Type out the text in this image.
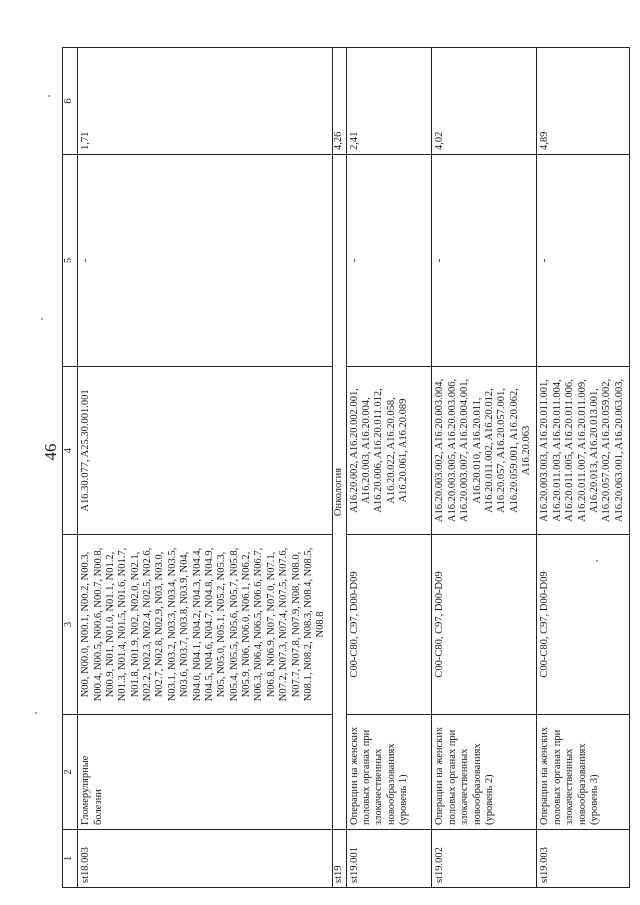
46
1	2	3	4	5	6
st18.003	Гломерулярные болезни	N00, N00.0, N00.1, N00.2, N00.3, N00.4, N00.5, N00.6, N00.7, N00.8, N00.9, N01, N01.0, N01.1, N01.2, N01.3, N01.4, N01.5, N01.6, N01.7, N01.8, N01.9, N02, N02.0, N02.1, N02.2, N02.3, N02.4, N02.5, N02.6, N02.7, N02.8, N02.9, N03, N03.0, N03.1, N03.2, N03.3, N03.4, N03.5, N03.6, N03.7, N03.8, N03.9, N04, N04.0, N04.1, N04.2, N04.3, N04.4, N04.5, N04.6, N04.7, N04.8, N04.9, N05, N05.0, N05.1, N05.2, N05.3, N05.4, N05.5, N05.6, N05.7, N05.8, N05.9, N06, N06.0, N06.1, N06.2, N06.3, N06.4, N06.5, N06.6, N06.7, N06.8, N06.9, N07, N07.0, N07.1, N07.2, N07.3, N07.4, N07.5, N07.6, N07.7, N07.8, N07.9, N08, N08.0, N08.1, N08.2, N08.3, N08.4, N08.5, N08.8	A16.30.077, A25.30.001.001	-	1,71
st19	Онкология				4,26
st19.001	Операции на женских половых органах при злокачественных новообразованиях (уровень 1)	C00-C80, C97, D00-D09	A16.20.002, A16.20.002.001, A16.20.003, A16.20.004, A16.20.006, A16.20.011.012, A16.20.022, A16.20.058, A16.20.061, A16.20.089	-	2,41
st19.002	Операции на женских половых органах при злокачественных новообразованиях (уровень 2)	C00-C80, C97, D00-D09	A16.20.003.002, A16.20.003.004, A16.20.003.005, A16.20.003.006, A16.20.003.007, A16.20.004.001, A16.20.010, A16.20.011, A16.20.011.002, A16.20.012, A16.20.057, A16.20.057.001, A16.20.059.001, A16.20.062, A16.20.063	-	4,02
st19.003	Операции на женских половых органах при злокачественных новообразованиях (уровень 3)	C00-C80, C97, D00-D09	A16.20.003.003, A16.20.011.001, A16.20.011.003, A16.20.011.004, A16.20.011.005, A16.20.011.006, A16.20.011.007, A16.20.011.009, A16.20.013, A16.20.013.001, A16.20.057.002, A16.20.059.002, A16.20.063.001, A16.20.063.003,	-	4,89
